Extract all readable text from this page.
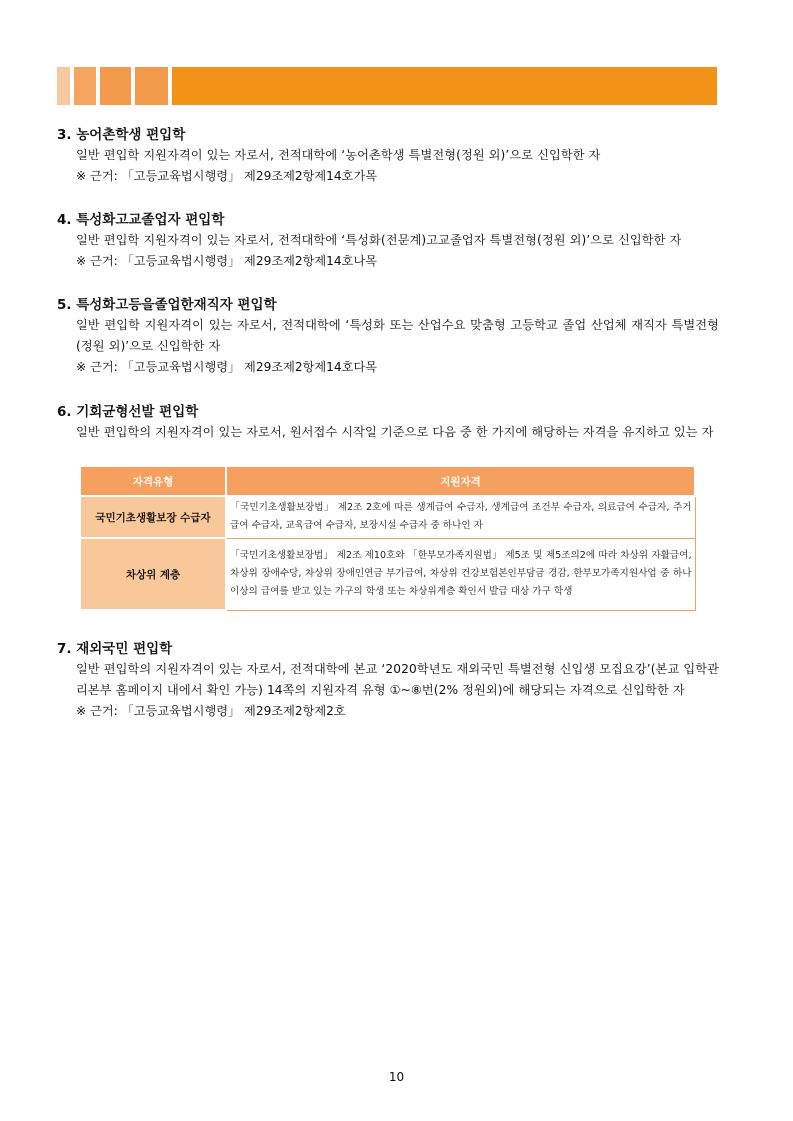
3. 농어촌학생 편입학
일반 편입학 지원자격이 있는 자로서, 전적대학에 ‘농어촌학생 특별전형(정원 외)’으로 신입학한 자
※ 근거: 「고등교육법시행령」 제29조제2항제14호가목
4. 특성화고교졸업자 편입학
일반 편입학 지원자격이 있는 자로서, 전적대학에 ‘특성화(전문계)고교졸업자 특별전형(정원 외)’으로 신입학한 자
※ 근거: 「고등교육법시행령」 제29조제2항제14호나목
5. 특성화고등을졸업한재직자 편입학
일반 편입학 지원자격이 있는 자로서, 전적대학에 ‘특성화 또는 산업수요 맞춤형 고등학교 졸업 산업체 재직자 특별전형(정원 외)’으로 신입학한 자
※ 근거: 「고등교육법시행령」 제29조제2항제14호다목
6. 기회균형선발 편입학
일반 편입학의 지원자격이 있는 자로서, 원서접수 시작일 기준으로 다음 중 한 가지에 해당하는 자격을 유지하고 있는 자
자격유형	지원자격
국민기초생활보장 수급자	「국민기초생활보장법」 제2조 2호에 따른 생계급여 수급자, 생계급여 조건부 수급자, 의료급여 수급자, 주거급여 수급자, 교육급여 수급자, 보장시설 수급자 중 하나인 자
차상위 계층	「국민기초생활보장법」 제2조 제10호와 「한부모가족지원법」 제5조 및 제5조의2에 따라 차상위 자활급여, 차상위 장애수당, 차상위 장애인연금 부가급여, 차상위 건강보험본인부담금 경감, 한부모가족지원사업 중 하나 이상의 급여를 받고 있는 가구의 학생 또는 차상위계층 확인서 발급 대상 가구 학생
7. 재외국민 편입학
일반 편입학의 지원자격이 있는 자로서, 전적대학에 본교 ‘2020학년도 재외국민 특별전형 신입생 모집요강’(본교 입학관리본부 홈페이지 내에서 확인 가능) 14쪽의 지원자격 유형 ①~⑧번(2% 정원외)에 해당되는 자격으로 신입학한 자
※ 근거: 「고등교육법시행령」 제29조제2항제2호
10
